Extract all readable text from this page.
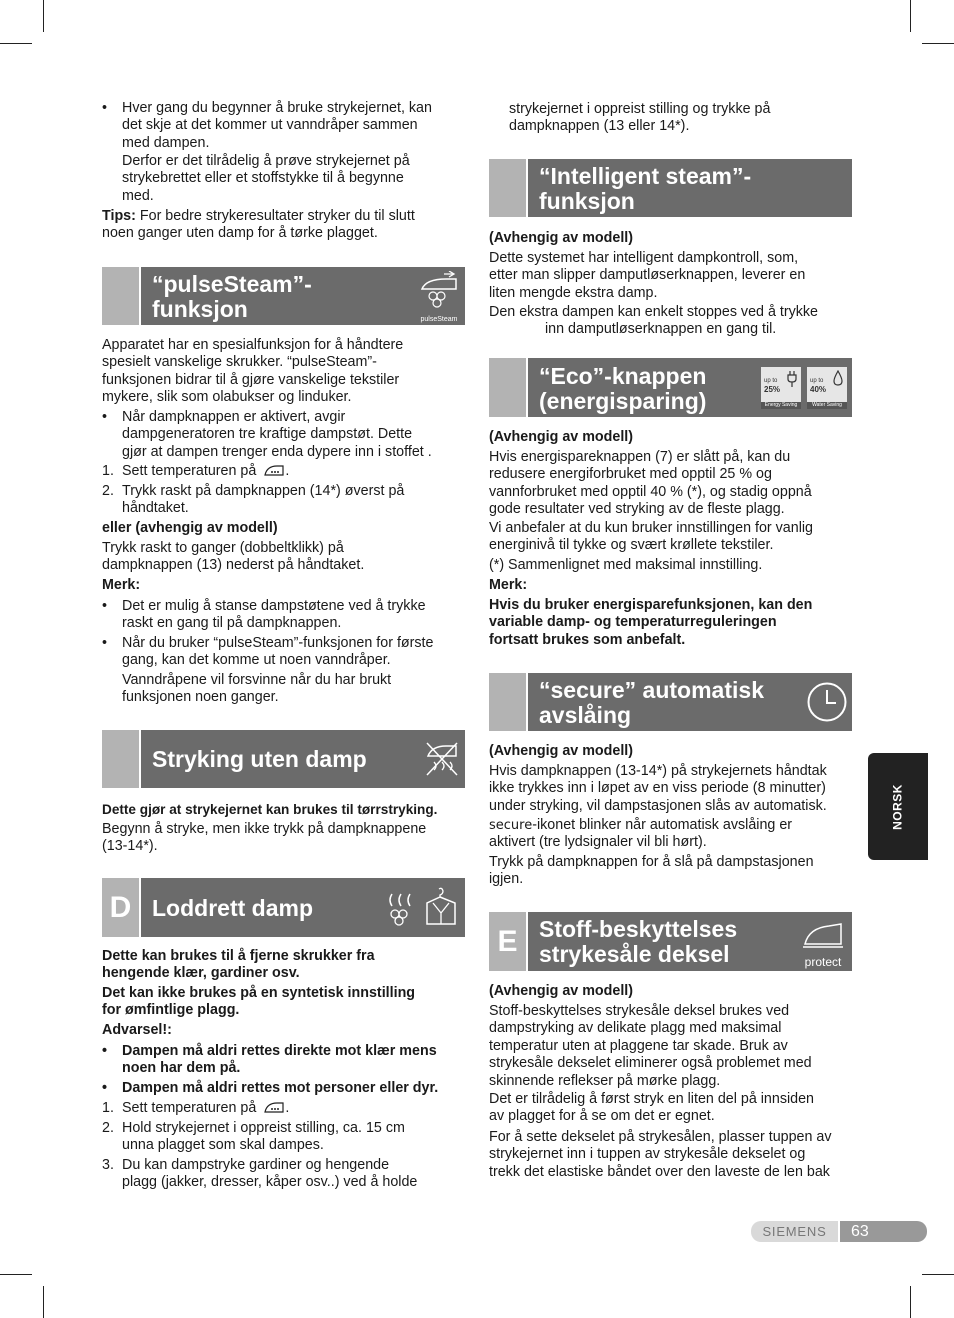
•	Hver gang du begynner å bruke strykejernet, kan
det skje at det kommer ut vanndråper sammen
med dampen.
Derfor er det tilrådelig å prøve strykejernet på
strykebrettet eller et stoffstykke til å begynne
med.
Tips: For bedre strykeresultater stryker du til slutt
noen ganger uten damp for å tørke plagget.
“pulseSteam”-
funksjon	pulseSteam
Apparatet har en spesialfunksjon for å håndtere
spesielt vanskelige skrukker. “pulseSteam”-
funksjonen bidrar til å gjøre vanskelige tekstiler
mykere, slik som olabukser og linduker.
•	Når dampknappen er aktivert, avgir
dampgeneratoren tre kraftige dampstøt. Dette
gjør at dampen trenger enda dypere inn i stoffet .
1. Sett temperaturen på .
2. Trykk raskt på dampknappen (14*) øverst på
håndtaket.
eller (avhengig av modell)
Trykk raskt to ganger (dobbeltklikk) på
dampknappen (13) nederst på håndtaket.
Merk:
•	Det er mulig å stanse dampstøtene ved å trykke
raskt en gang til på dampknappen.
•	Når du bruker “pulseSteam”-funksjonen for første
gang, kan det komme ut noen vanndråper.
Vanndråpene vil forsvinne når du har brukt
funksjonen noen ganger.
Stryking uten damp
Dette gjør at strykejernet kan brukes til tørrstryking.
Begynn å stryke, men ikke trykk på dampknappene
(13-14*).
D Loddrett damp
Dette kan brukes til å fjerne skrukker fra
hengende klær, gardiner osv.
Det kan ikke brukes på en syntetisk innstilling
for ømfintlige plagg.
Advarsel!:
•	Dampen må aldri rettes direkte mot klær mens
noen har dem på.
•	Dampen må aldri rettes mot personer eller dyr.
1. Sett temperaturen på .
2. Hold strykejernet i oppreist stilling, ca. 15 cm
unna plagget som skal dampes.
3. Du kan dampstryke gardiner og hengende
plagg (jakker, dresser, kåper osv..) ved å holde
strykejernet i oppreist stilling og trykke på
dampknappen (13 eller 14*).
“Intelligent steam”-
funksjon
(Avhengig av modell)
Dette systemet har intelligent dampkontroll, som,
etter man slipper damputløserknappen, leverer en
liten mengde ekstra damp.
Den ekstra dampen kan enkelt stoppes ved å trykke
inn damputløserknappen en gang til.
“Eco”-knappen
(energisparing)
up to
25%
Energy Saving
up to
40%
Water Saving
(Avhengig av modell)
Hvis energispareknappen (7) er slått på, kan du
redusere energiforbruket med opptil 25 % og
vannforbruket med opptil 40 % (*), og stadig oppnå
gode resultater ved stryking av de fleste plagg.
Vi anbefaler at du kun bruker innstillingen for vanlig
energinivå til tykke og svært krøllete tekstiler.
(*) Sammenlignet med maksimal innstilling.
Merk:
Hvis du bruker energisparefunksjonen, kan den
variable damp- og temperaturreguleringen
fortsatt brukes som anbefalt.
“secure” automatisk
avslåing
(Avhengig av modell)
Hvis dampknappen (13-14*) på strykejernets håndtak
ikke trykkes inn i løpet av en viss periode (8 minutter)
under stryking, vil dampstasjonen slås av automatisk.
secure-ikonet blinker når automatisk avslåing er
aktivert (tre lydsignaler vil bli hørt).
Trykk på dampknappen for å slå på dampstasjonen
igjen.
E Stoff-beskyttelses
strykesåle deksel	protect
(Avhengig av modell)
Stoff-beskyttelses strykesåle deksel brukes ved
dampstryking av delikate plagg med maksimal
temperatur uten at plaggene tar skade. Bruk av
strykesåle dekselet eliminerer også problemet med
skinnende reflekser på mørke plagg.
Det er tilrådelig å først stryk en liten del på innsiden
av plagget for å se om det er egnet.
For å sette dekselet på strykesålen, plasser tuppen av
strykejernet inn i tuppen av strykesåle dekselet og
trekk det elastiske båndet over den laveste de len bak
NORSK
SIEMENS	63
